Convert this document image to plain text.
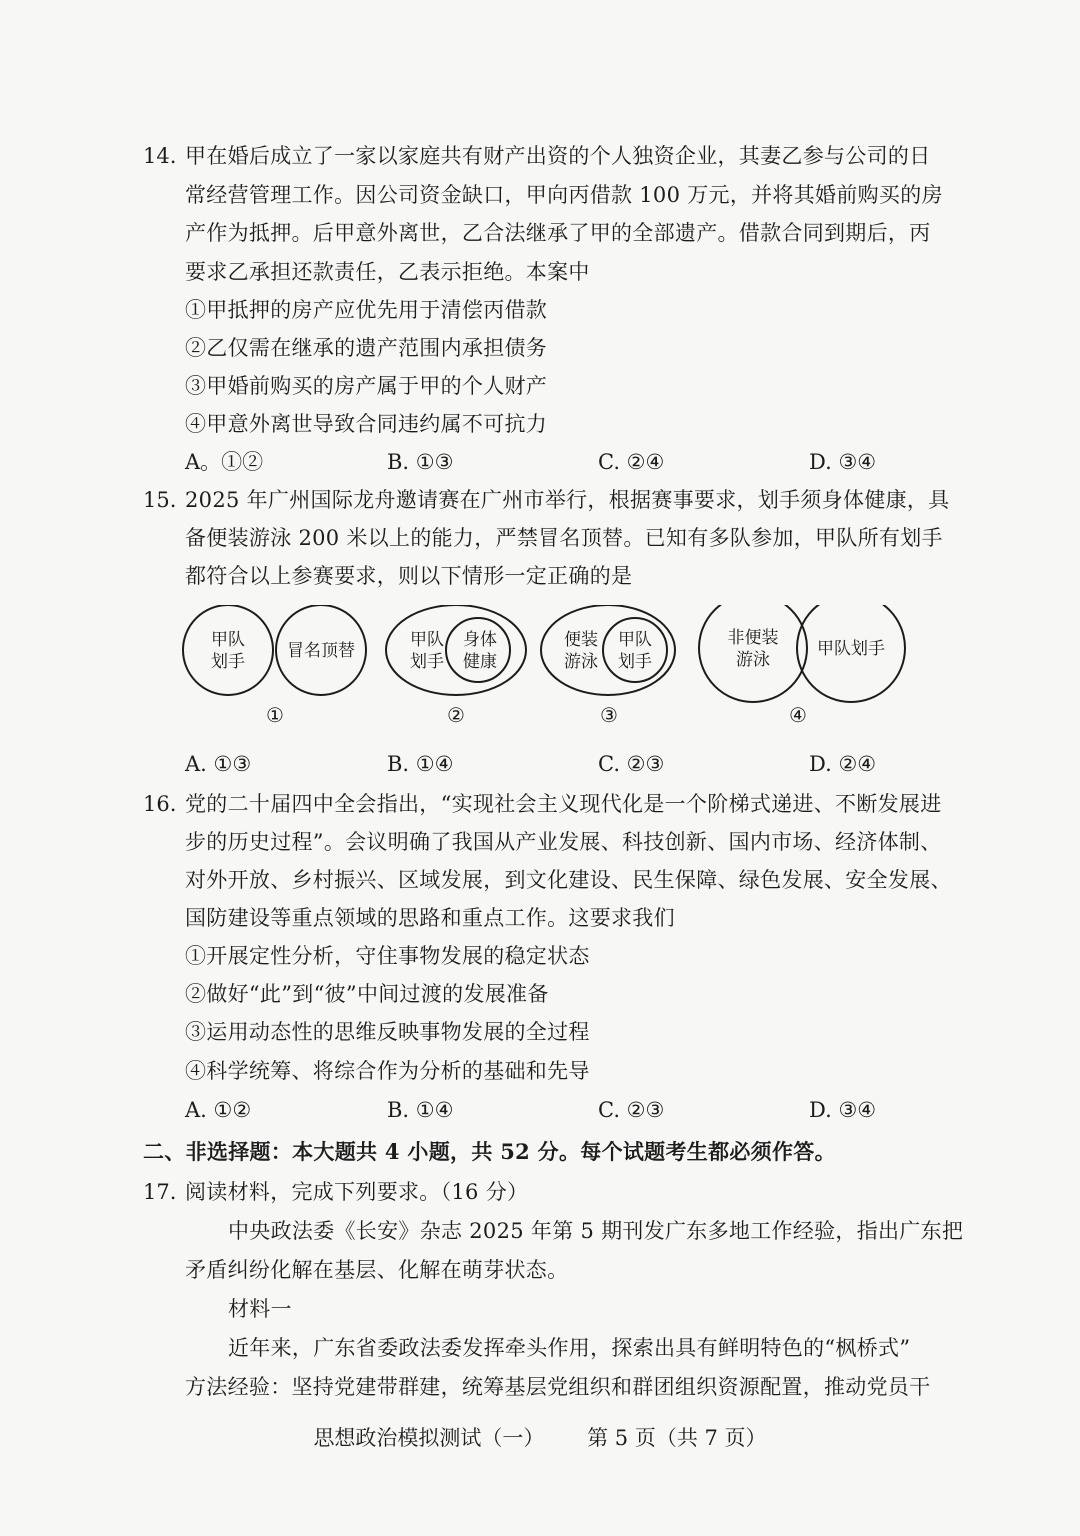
14. 甲在婚后成立了一家以家庭共有财产出资的个人独资企业，其妻乙参与公司的日
常经营管理工作。因公司资金缺口，甲向丙借款 100 万元，并将其婚前购买的房
产作为抵押。后甲意外离世，乙合法继承了甲的全部遗产。借款合同到期后，丙
要求乙承担还款责任，乙表示拒绝。本案中
①甲抵押的房产应优先用于清偿丙借款
②乙仅需在继承的遗产范围内承担债务
③甲婚前购买的房产属于甲的个人财产
④甲意外离世导致合同违约属不可抗力
A。①②	B. ①③	C. ②④	D. ③④
15. 2025 年广州国际龙舟邀请赛在广州市举行，根据赛事要求，划手须身体健康，具
备便装游泳 200 米以上的能力，严禁冒名顶替。已知有多队参加，甲队所有划手
都符合以上参赛要求，则以下情形一定正确的是
甲队
划手
冒名顶替
①
甲队
划手
身体
健康
②
便装
游泳
甲队
划手
③
非便装
游泳
甲队划手
④
A. ①③	B. ①④	C. ②③	D. ②④
16. 党的二十届四中全会指出，“实现社会主义现代化是一个阶梯式递进、不断发展进
步的历史过程”。会议明确了我国从产业发展、科技创新、国内市场、经济体制、
对外开放、乡村振兴、区域发展，到文化建设、民生保障、绿色发展、安全发展、
国防建设等重点领域的思路和重点工作。这要求我们
①开展定性分析，守住事物发展的稳定状态
②做好“此”到“彼”中间过渡的发展准备
③运用动态性的思维反映事物发展的全过程
④科学统筹、将综合作为分析的基础和先导
A. ①②	B. ①④	C. ②③	D. ③④
二、非选择题：本大题共 4 小题，共 52 分。每个试题考生都必须作答。
17. 阅读材料，完成下列要求。（16 分）
中央政法委《长安》杂志 2025 年第 5 期刊发广东多地工作经验，指出广东把
矛盾纠纷化解在基层、化解在萌芽状态。
材料一
近年来，广东省委政法委发挥牵头作用，探索出具有鲜明特色的“枫桥式”
方法经验：坚持党建带群建，统筹基层党组织和群团组织资源配置，推动党员干
思想政治模拟测试（一） 第 5 页（共 7 页）
